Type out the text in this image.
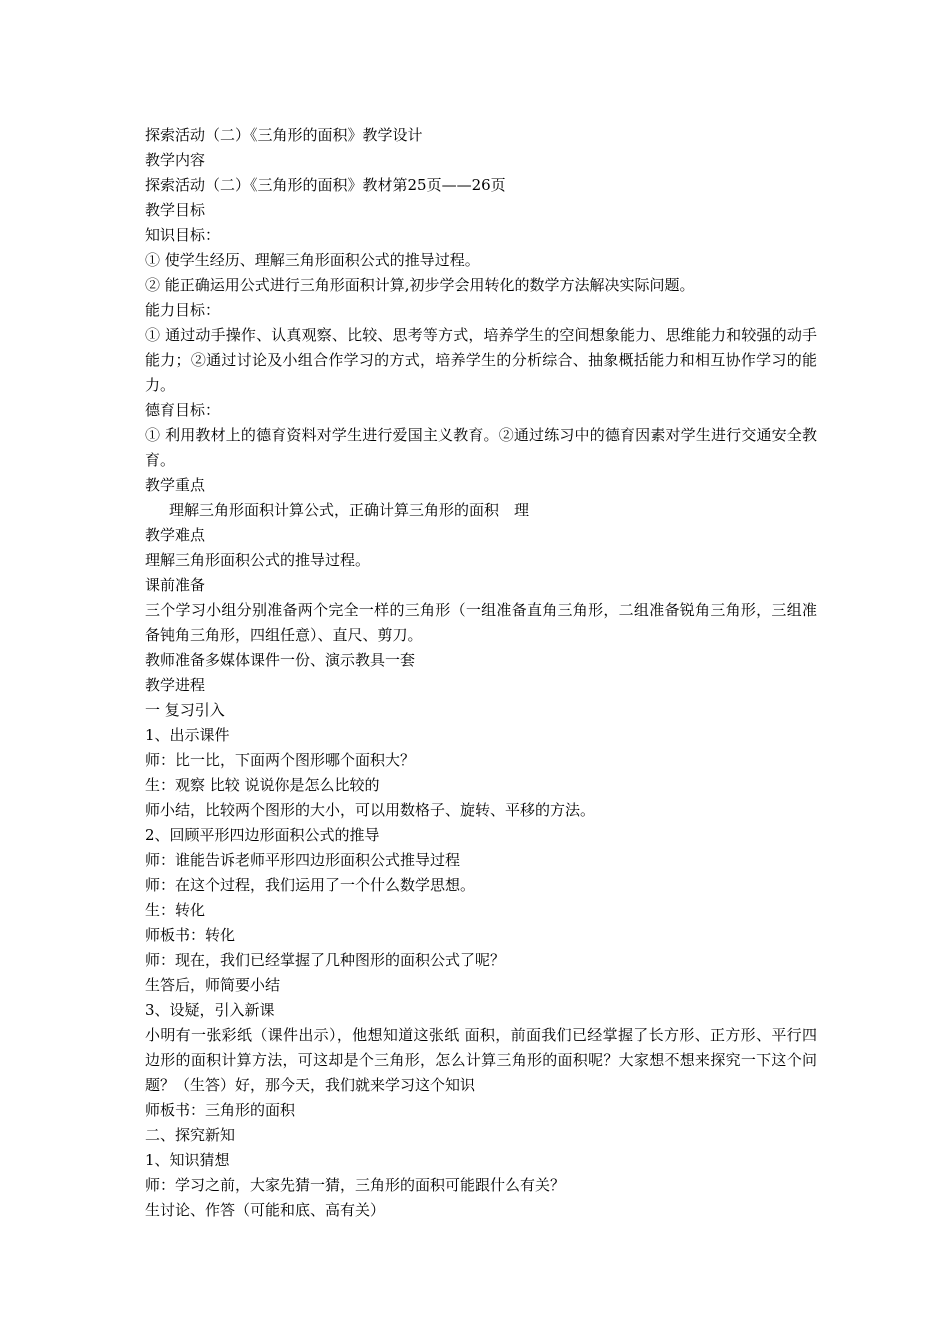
探索活动（二）《三角形的面积》教学设计
教学内容
探索活动（二）《三角形的面积》教材第25页——26页
教学目标
知识目标：
① 使学生经历、理解三角形面积公式的推导过程。
② 能正确运用公式进行三角形面积计算,初步学会用转化的数学方法解决实际问题。
能力目标：
① 通过动手操作、认真观察、比较、思考等方式，培养学生的空间想象能力、思维能力和较强的动手能力；②通过讨论及小组合作学习的方式，培养学生的分析综合、抽象概括能力和相互协作学习的能力。
德育目标：
① 利用教材上的德育资料对学生进行爱国主义教育。②通过练习中的德育因素对学生进行交通安全教育。
教学重点
理解三角形面积计算公式，正确计算三角形的面积　理
教学难点
理解三角形面积公式的推导过程。
课前准备
三个学习小组分别准备两个完全一样的三角形（一组准备直角三角形，二组准备锐角三角形，三组准备钝角三角形，四组任意）、直尺、剪刀。
教师准备多媒体课件一份、演示教具一套
教学进程
一 复习引入
1、出示课件
师：比一比，下面两个图形哪个面积大？
生：观察 比较 说说你是怎么比较的
师小结，比较两个图形的大小，可以用数格子、旋转、平移的方法。
2、回顾平形四边形面积公式的推导
师：谁能告诉老师平形四边形面积公式推导过程
师：在这个过程，我们运用了一个什么数学思想。
生：转化
师板书：转化
师：现在，我们已经掌握了几种图形的面积公式了呢？
生答后，师简要小结
3、设疑，引入新课
小明有一张彩纸（课件出示），他想知道这张纸 面积，前面我们已经掌握了长方形、正方形、平行四边形的面积计算方法，可这却是个三角形，怎么计算三角形的面积呢？大家想不想来探究一下这个问题？（生答）好，那今天，我们就来学习这个知识
师板书：三角形的面积
二、探究新知
1、知识猜想
师：学习之前，大家先猜一猜，三角形的面积可能跟什么有关？
生讨论、作答（可能和底、高有关）
